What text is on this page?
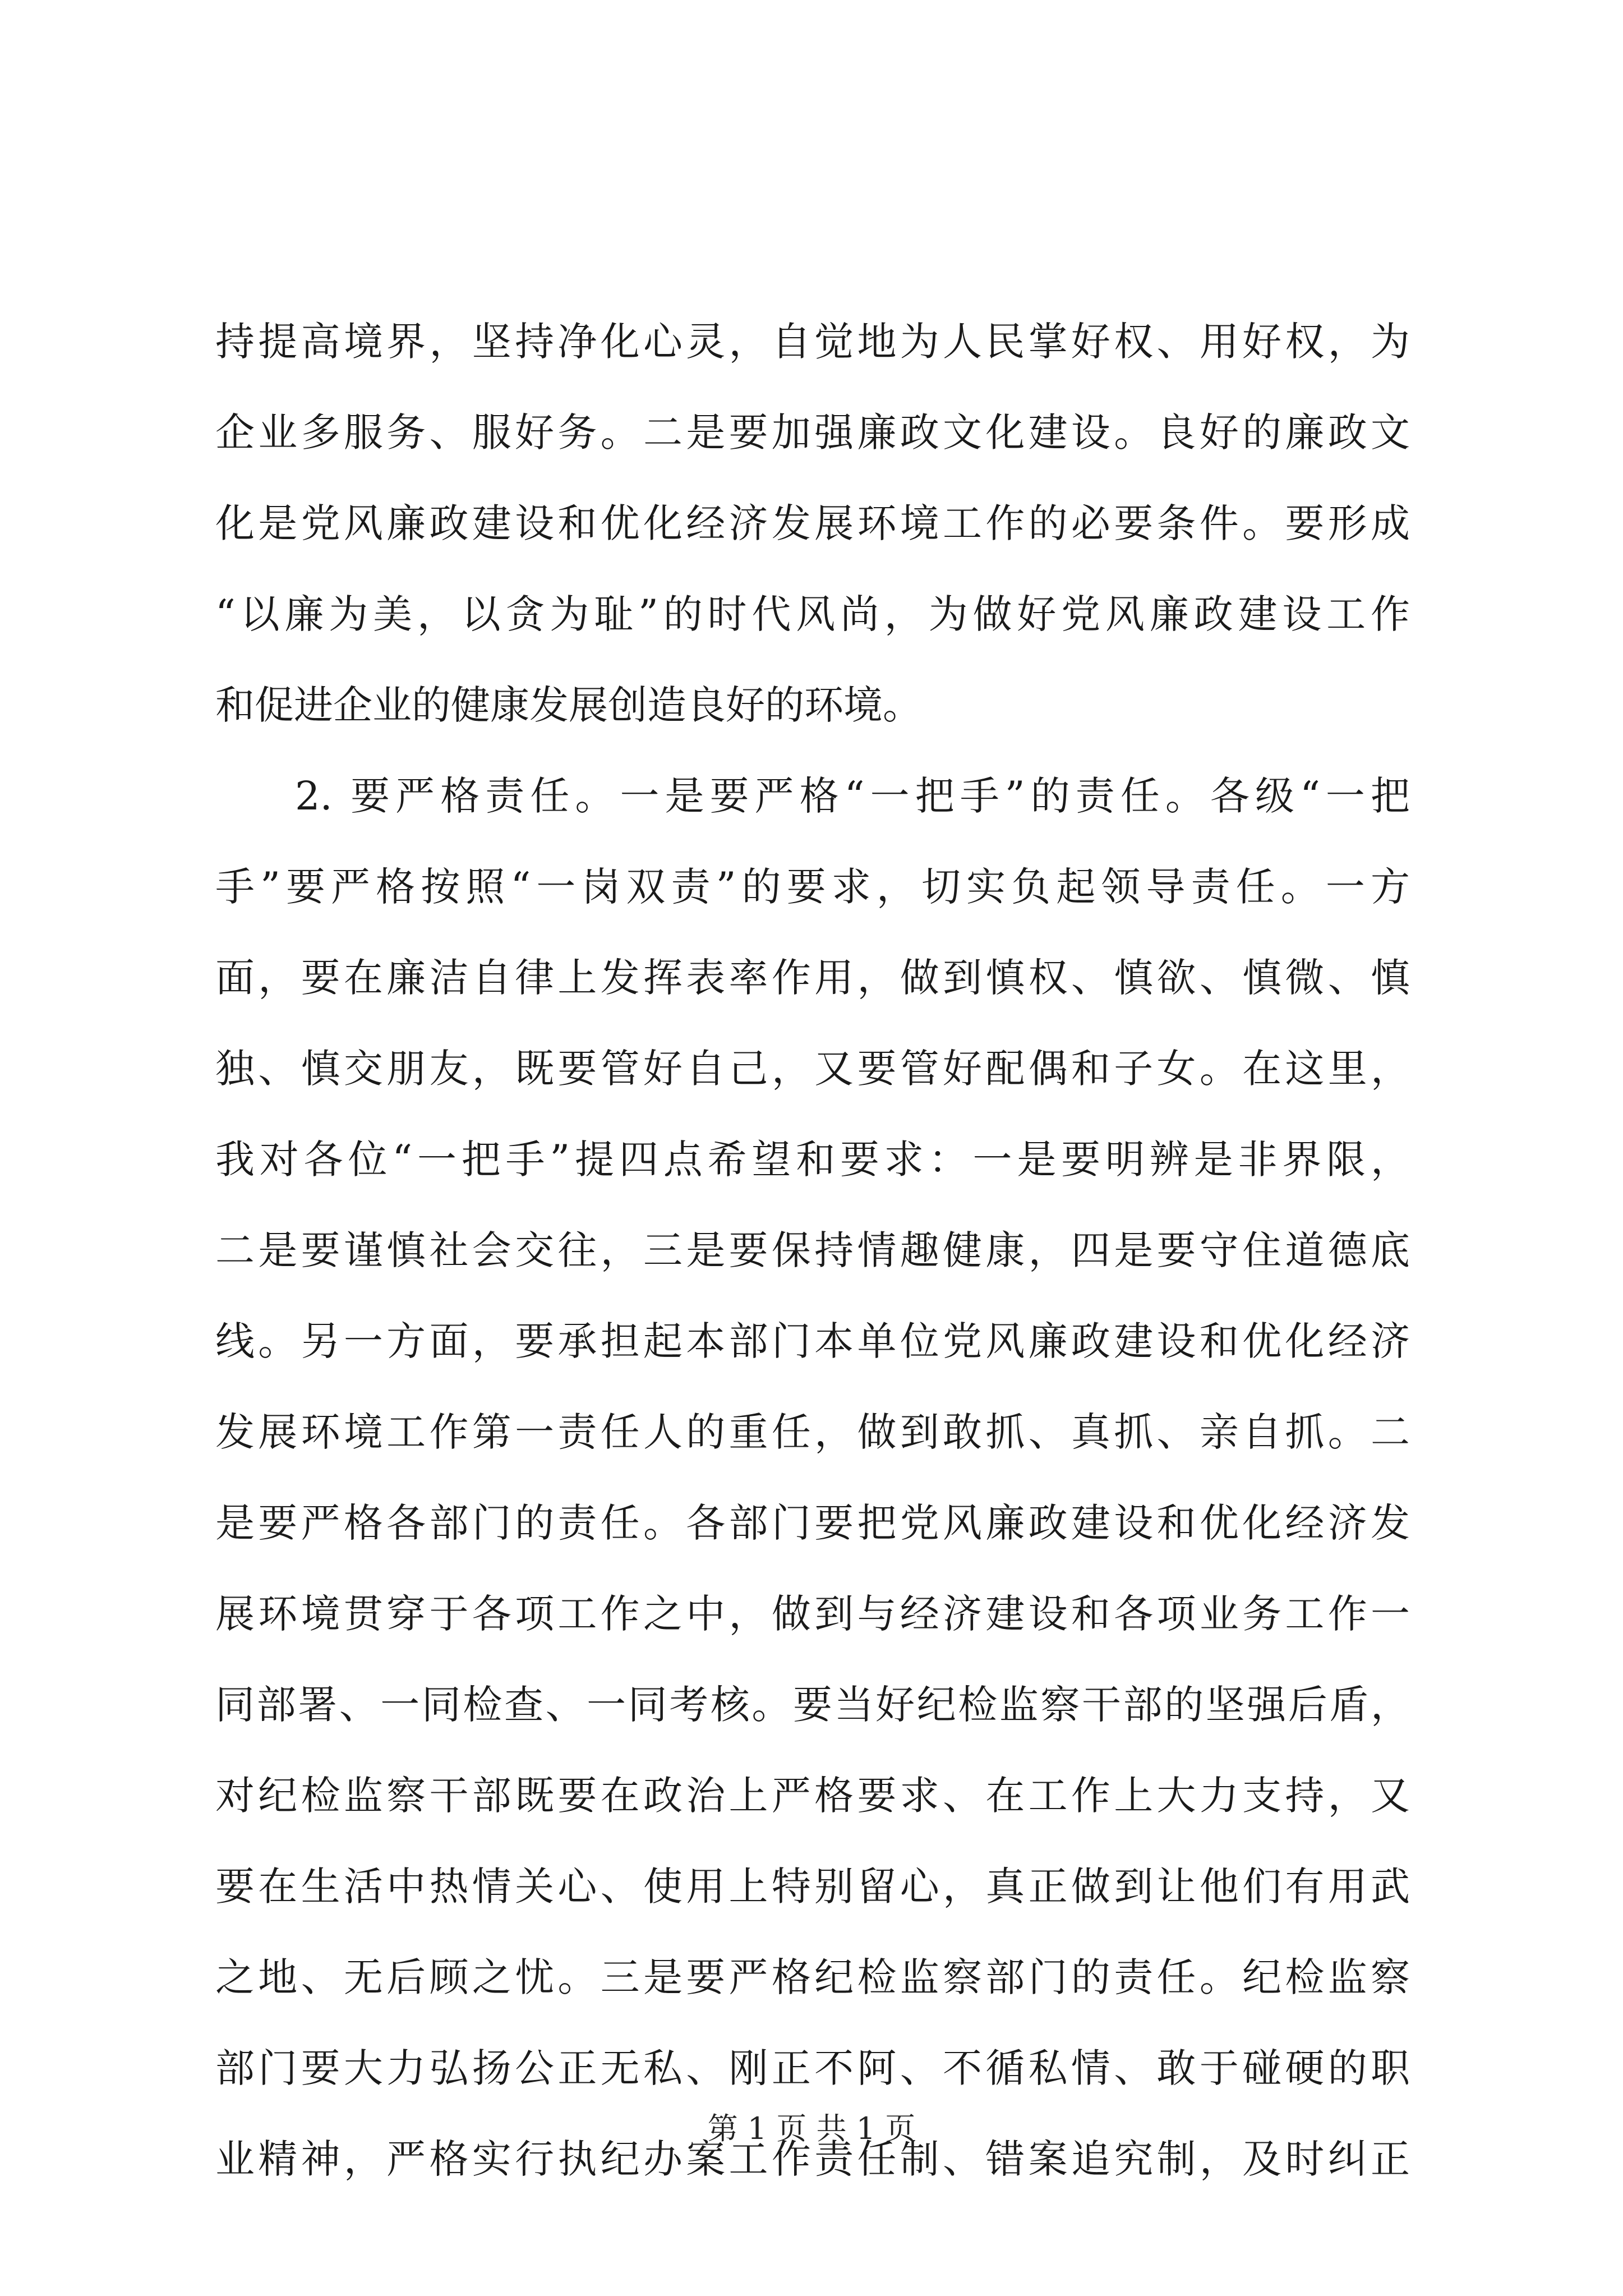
持提高境界，坚持净化心灵，自觉地为人民掌好权、用好权，为
企业多服务、服好务。二是要加强廉政文化建设。良好的廉政文
化是党风廉政建设和优化经济发展环境工作的必要条件。要形成
“以廉为美，以贪为耻”的时代风尚，为做好党风廉政建设工作
和促进企业的健康发展创造良好的环境。
2. 要严格责任。一是要严格“一把手”的责任。各级“一把
手”要严格按照“一岗双责”的要求，切实负起领导责任。一方
面，要在廉洁自律上发挥表率作用，做到慎权、慎欲、慎微、慎
独、慎交朋友，既要管好自己，又要管好配偶和子女。在这里，
我对各位“一把手”提四点希望和要求：一是要明辨是非界限，
二是要谨慎社会交往，三是要保持情趣健康，四是要守住道德底
线。另一方面，要承担起本部门本单位党风廉政建设和优化经济
发展环境工作第一责任人的重任，做到敢抓、真抓、亲自抓。二
是要严格各部门的责任。各部门要把党风廉政建设和优化经济发
展环境贯穿于各项工作之中，做到与经济建设和各项业务工作一
同部署、一同检查、一同考核。要当好纪检监察干部的坚强后盾，
对纪检监察干部既要在政治上严格要求、在工作上大力支持，又
要在生活中热情关心、使用上特别留心，真正做到让他们有用武
之地、无后顾之忧。三是要严格纪检监察部门的责任。纪检监察
部门要大力弘扬公正无私、刚正不阿、不循私情、敢于碰硬的职
业精神，严格实行执纪办案工作责任制、错案追究制，及时纠正
第 1 页 共 1 页
